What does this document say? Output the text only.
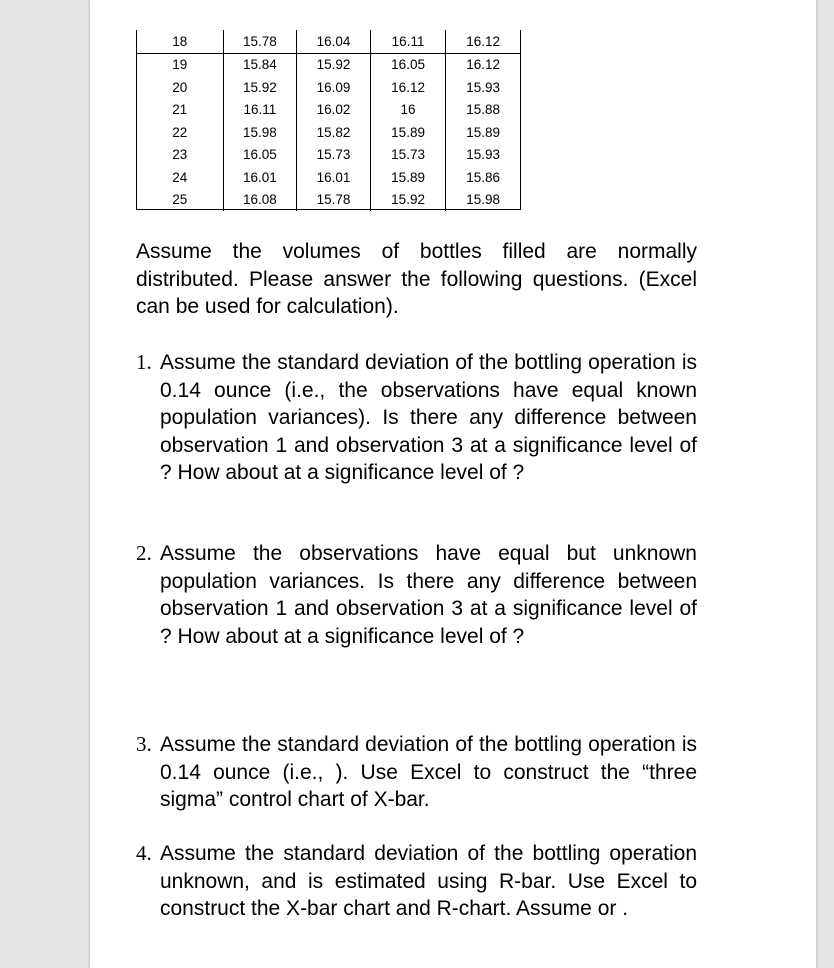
18	15.78	16.04	16.11	16.12
19	15.84	15.92	16.05	16.12
20	15.92	16.09	16.12	15.93
21	16.11	16.02	16	15.88
22	15.98	15.82	15.89	15.89
23	16.05	15.73	15.73	15.93
24	16.01	16.01	15.89	15.86
25	16.08	15.78	15.92	15.98

Assume the volumes of bottles filled are normally distributed. Please answer the following questions. (Excel can be used for calculation).

1. Assume the standard deviation of the bottling operation is 0.14 ounce (i.e., the observations have equal known population variances). Is there any difference between observation 1 and observation 3 at a significance level of ? How about at a significance level of ?
2. Assume the observations have equal but unknown population variances. Is there any difference between observation 1 and observation 3 at a significance level of ? How about at a significance level of ?
3. Assume the standard deviation of the bottling operation is 0.14 ounce (i.e., ). Use Excel to construct the “three sigma” control chart of X-bar.
4. Assume the standard deviation of the bottling operation unknown, and is estimated using R-bar. Use Excel to construct the X-bar chart and R-chart. Assume or .
